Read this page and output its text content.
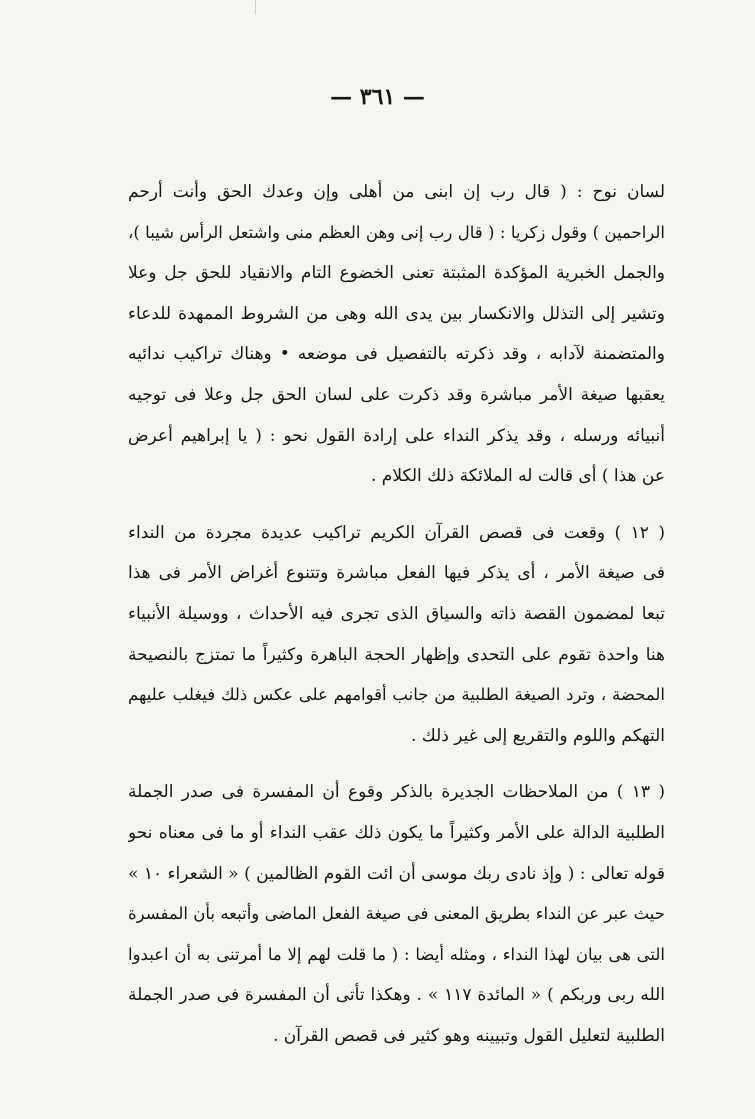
— ٣٦١ —
لسان نوح : ( قال رب إن ابنى من أهلى وإن وعدك الحق وأنت أرحم
الراحمين ) وقول زكريا : ( قال رب إنى وهن العظم منى واشتعل الرأس شيبا )،
والجمل الخبرية المؤكدة المثبتة تعنى الخضوع التام والانقياد للحق جل وعلا
وتشير إلى التذلل والانكسار بين يدى الله وهى من الشروط الممهدة للدعاء
والمتضمنة لآدابه ، وقد ذكرته بالتفصيل فى موضعه • وهناك تراكيب ندائيه
يعقبها صيغة الأمر مباشرة وقد ذكرت على لسان الحق جل وعلا فى توجيه
أنبيائه ورسله ، وقد يذكر النداء على إرادة القول نحو : ( يا إبراهيم أعرض
عن هذا ) أى قالت له الملائكة ذلك الكلام .
( ١٢ ) وقعت فى قصص القرآن الكريم تراكيب عديدة مجردة من النداء
فى صيغة الأمر ، أى يذكر فيها الفعل مباشرة وتتنوع أغراض الأمر فى هذا
تبعا لمضمون القصة ذاته والسياق الذى تجرى فيه الأحداث ، ووسيلة الأنبياء
هنا واحدة تقوم على التحدى وإظهار الحجة الباهرة وكثيراً ما تمتزج بالنصيحة
المحضة ، وترد الصيغة الطلبية من جانب أقوامهم على عكس ذلك فيغلب عليهم
التهكم واللوم والتقريع إلى غير ذلك .
( ١٣ ) من الملاحظات الجديرة بالذكر وقوع أن المفسرة فى صدر الجملة
الطلبية الدالة على الأمر وكثيراً ما يكون ذلك عقب النداء أو ما فى معناه نحو
قوله تعالى : ( وإذ نادى ربك موسى أن ائت القوم الظالمين ) « الشعراء ١٠ »
حيث عبر عن النداء بطريق المعنى فى صيغة الفعل الماضى وأتبعه بأن المفسرة
التى هى بيان لهذا النداء ، ومثله أيضا : ( ما قلت لهم إلا ما أمرتنى به أن اعبدوا
الله ربى وربكم ) « المائدة ١١٧ » . وهكذا تأتى أن المفسرة فى صدر الجملة
الطلبية لتعليل القول وتبيينه وهو كثير فى قصص القرآن .
